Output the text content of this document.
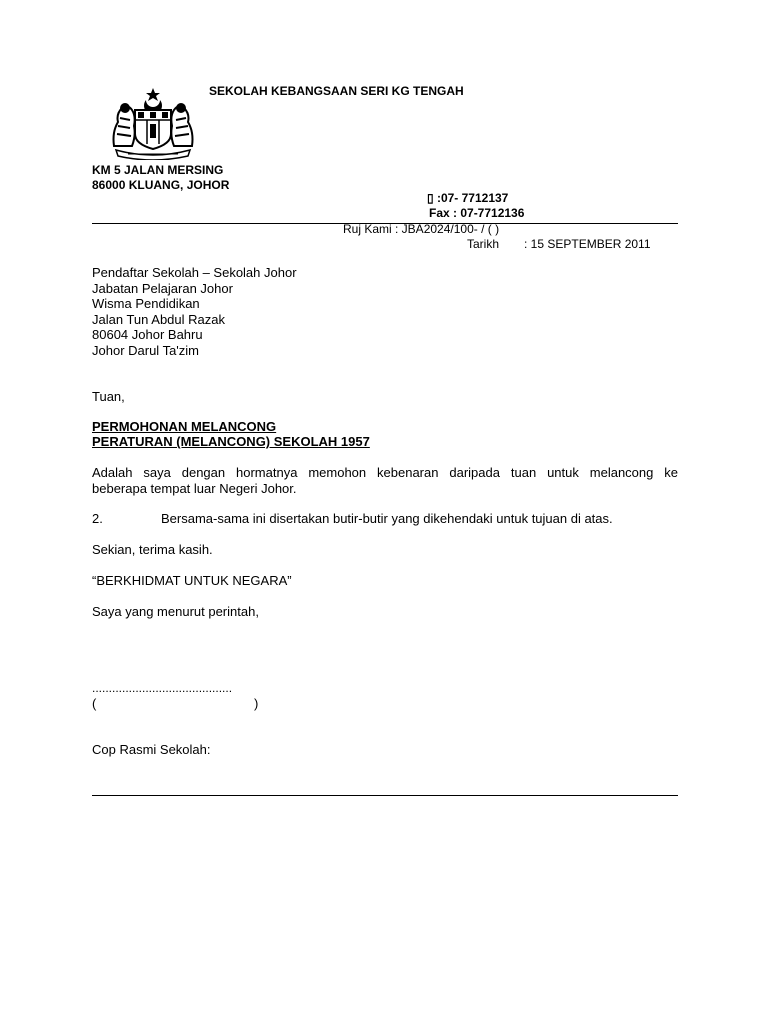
SEKOLAH KEBANGSAAN SERI KG TENGAH
KM 5 JALAN MERSING
86000 KLUANG, JOHOR
▯ :07- 7712137
Fax : 07-7712136
Ruj Kami : JBA2024/100- / ( )
Tarikh : 15 SEPTEMBER 2011
Pendaftar Sekolah – Sekolah Johor
Jabatan Pelajaran Johor
Wisma Pendidikan
Jalan Tun Abdul Razak
80604 Johor Bahru
Johor Darul Ta'zim
Tuan,
PERMOHONAN MELANCONG
PERATURAN (MELANCONG) SEKOLAH 1957
Adalah saya dengan hormatnya memohon kebenaran daripada tuan untuk melancong ke
beberapa tempat luar Negeri Johor.
2.	Bersama-sama ini disertakan butir-butir yang dikehendaki untuk tujuan di atas.
Sekian, terima kasih.
“BERKHIDMAT UNTUK NEGARA”
Saya yang menurut perintah,
..........................................
(	)
Cop Rasmi Sekolah:
